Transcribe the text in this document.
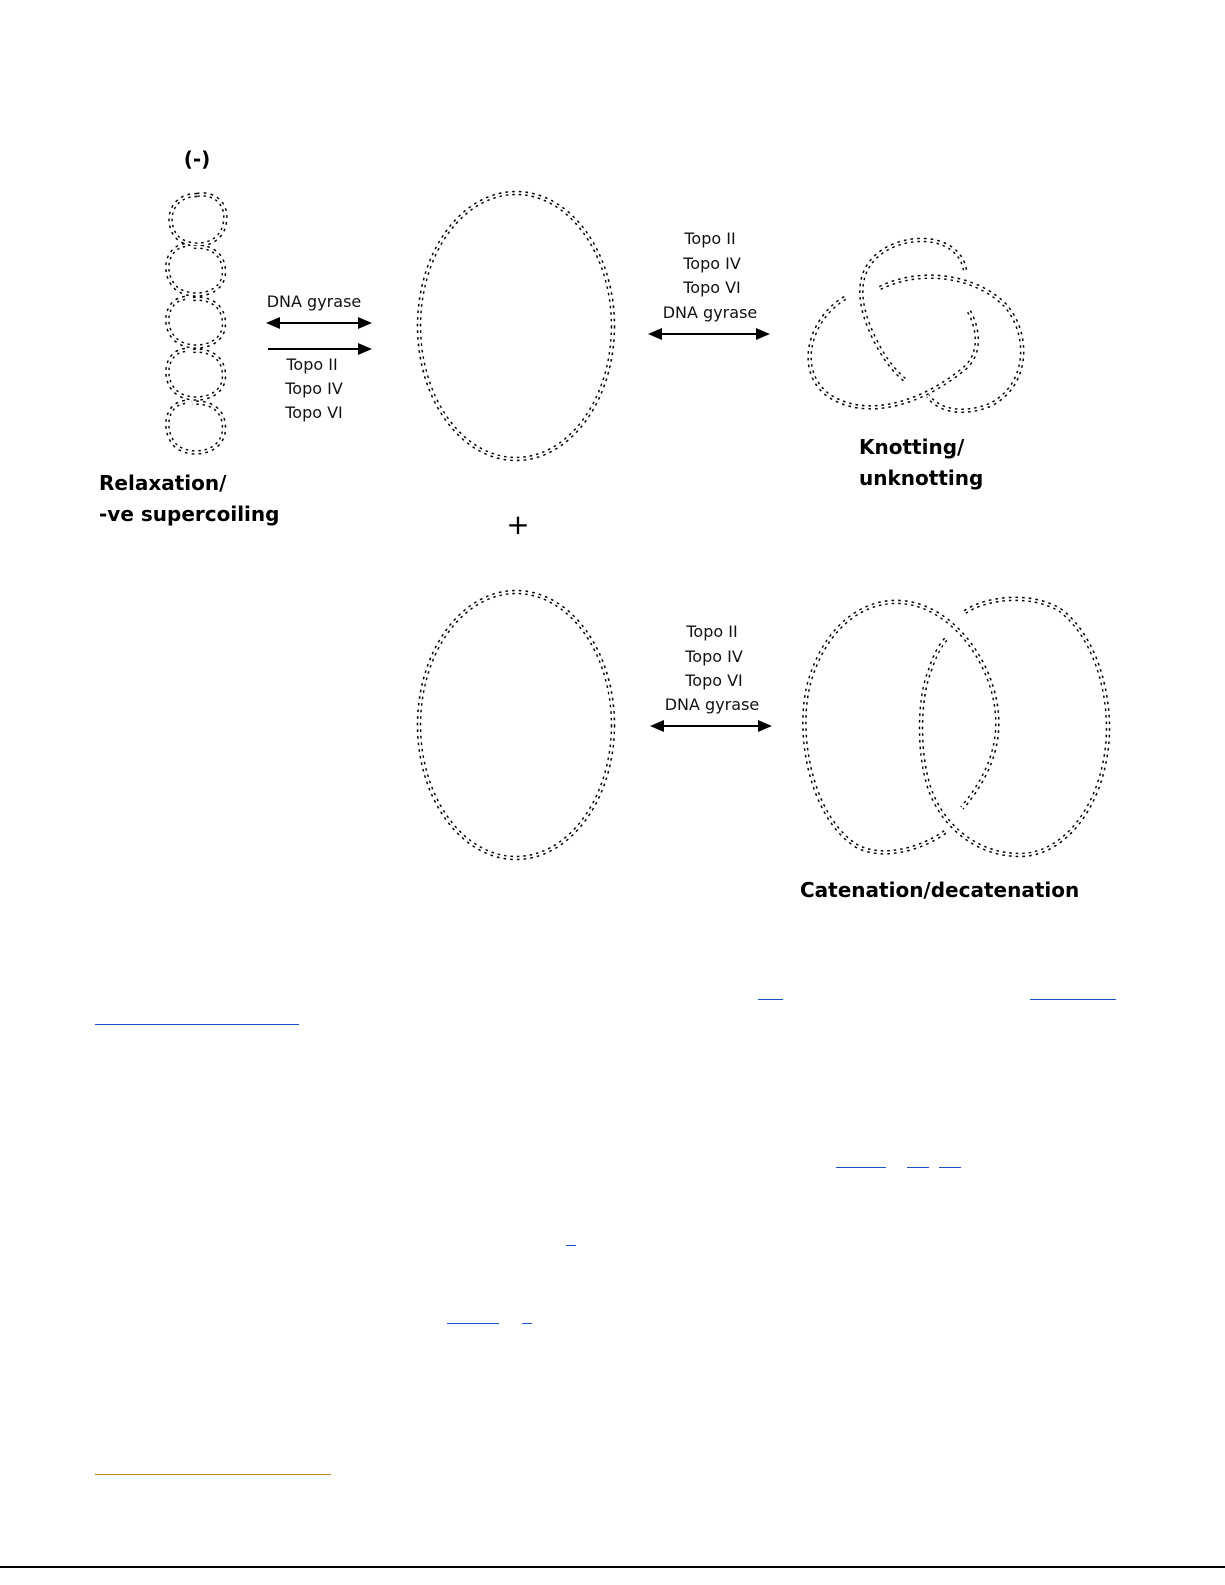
(-)
DNA gyrase
Topo II
Topo IV
Topo VI
Relaxation/
-ve supercoiling	+
Topo II
Topo IV
Topo VI
DNA gyrase
Knotting/
unknotting
Topo II
Topo IV
Topo VI
DNA gyrase
Catenation/decatenation
